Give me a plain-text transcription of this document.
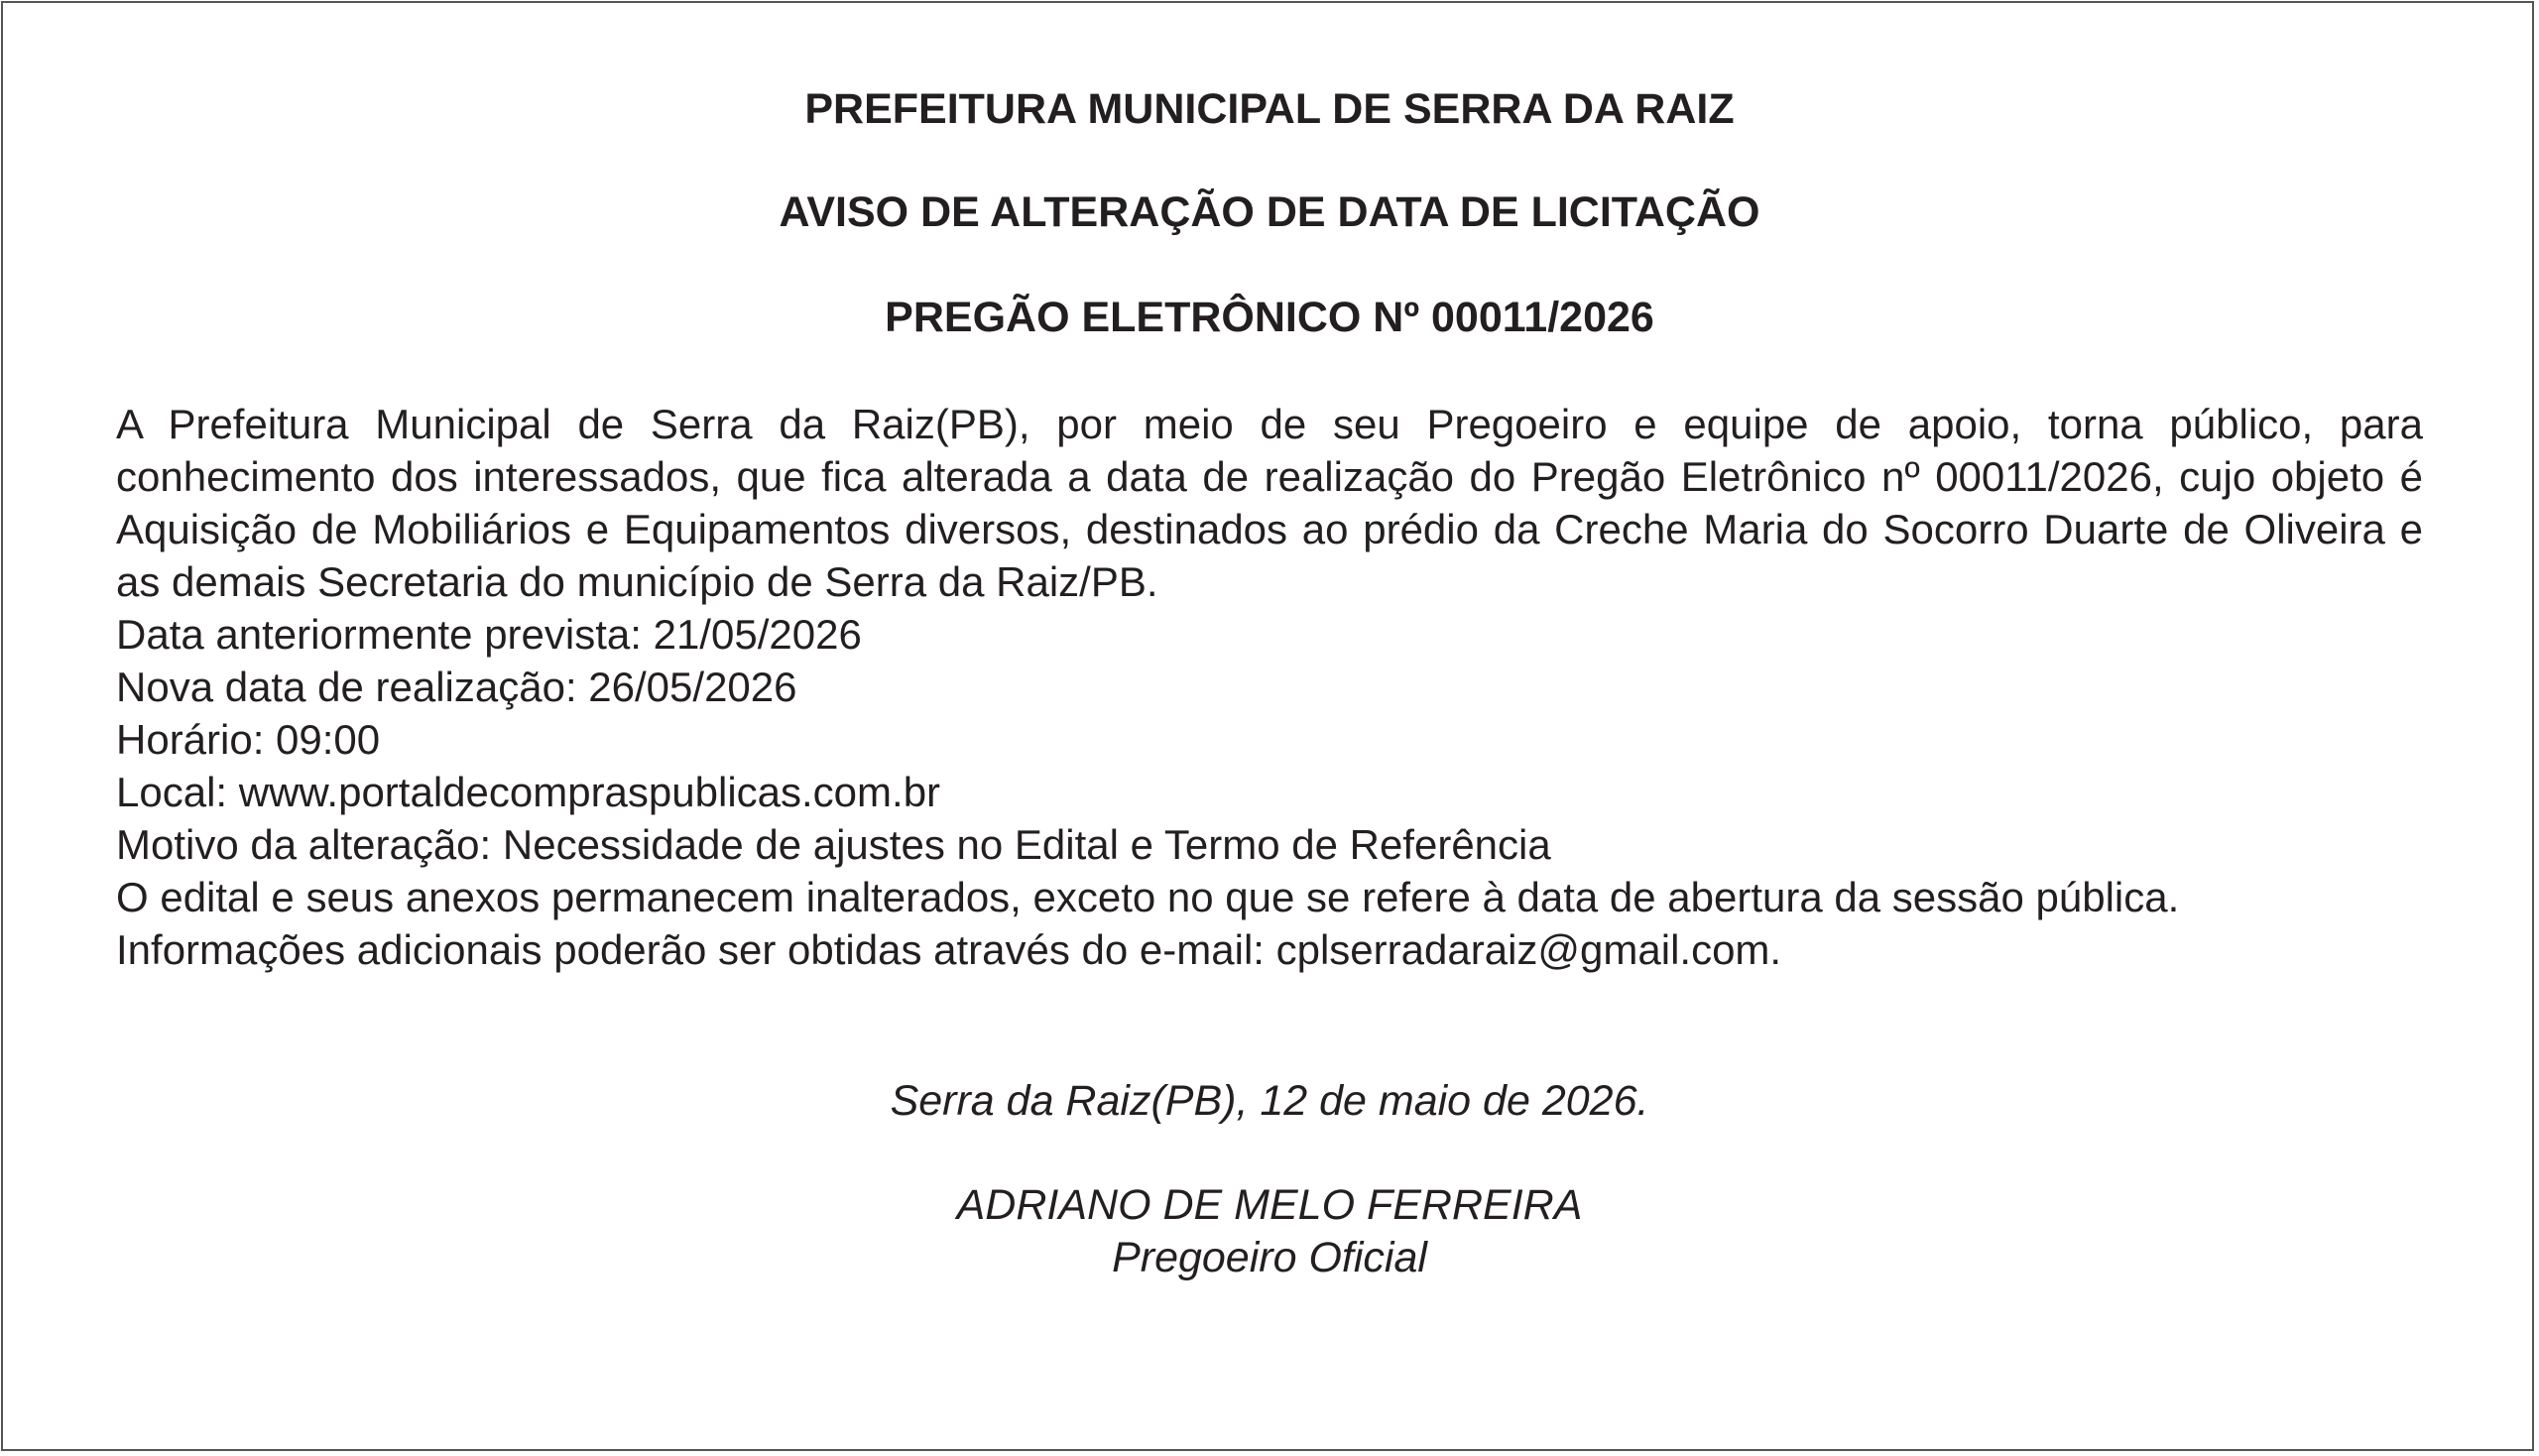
PREFEITURA MUNICIPAL DE SERRA DA RAIZ
AVISO DE ALTERAÇÃO DE DATA DE LICITAÇÃO
PREGÃO ELETRÔNICO Nº 00011/2026

A Prefeitura Municipal de Serra da Raiz(PB), por meio de seu Pregoeiro e equipe de apoio, torna público, para conhecimento dos interessados, que fica alterada a data de realização do Pregão Eletrônico nº 00011/2026, cujo objeto é Aquisição de Mobiliários e Equipamentos diversos, destinados ao prédio da Creche Maria do Socorro Duarte de Oliveira e as demais Secretaria do município de Serra da Raiz/PB.

Data anteriormente prevista: 21/05/2026

Nova data de realização: 26/05/2026

Horário: 09:00

Local: www.portaldecompraspublicas.com.br

Motivo da alteração: Necessidade de ajustes no Edital e Termo de Referência

O edital e seus anexos permanecem inalterados, exceto no que se refere à data de abertura da sessão pública.

Informações adicionais poderão ser obtidas através do e-mail: cplserradaraiz@gmail.com.

Serra da Raiz(PB), 12 de maio de 2026.
ADRIANO DE MELO FERREIRA
Pregoeiro Oficial
